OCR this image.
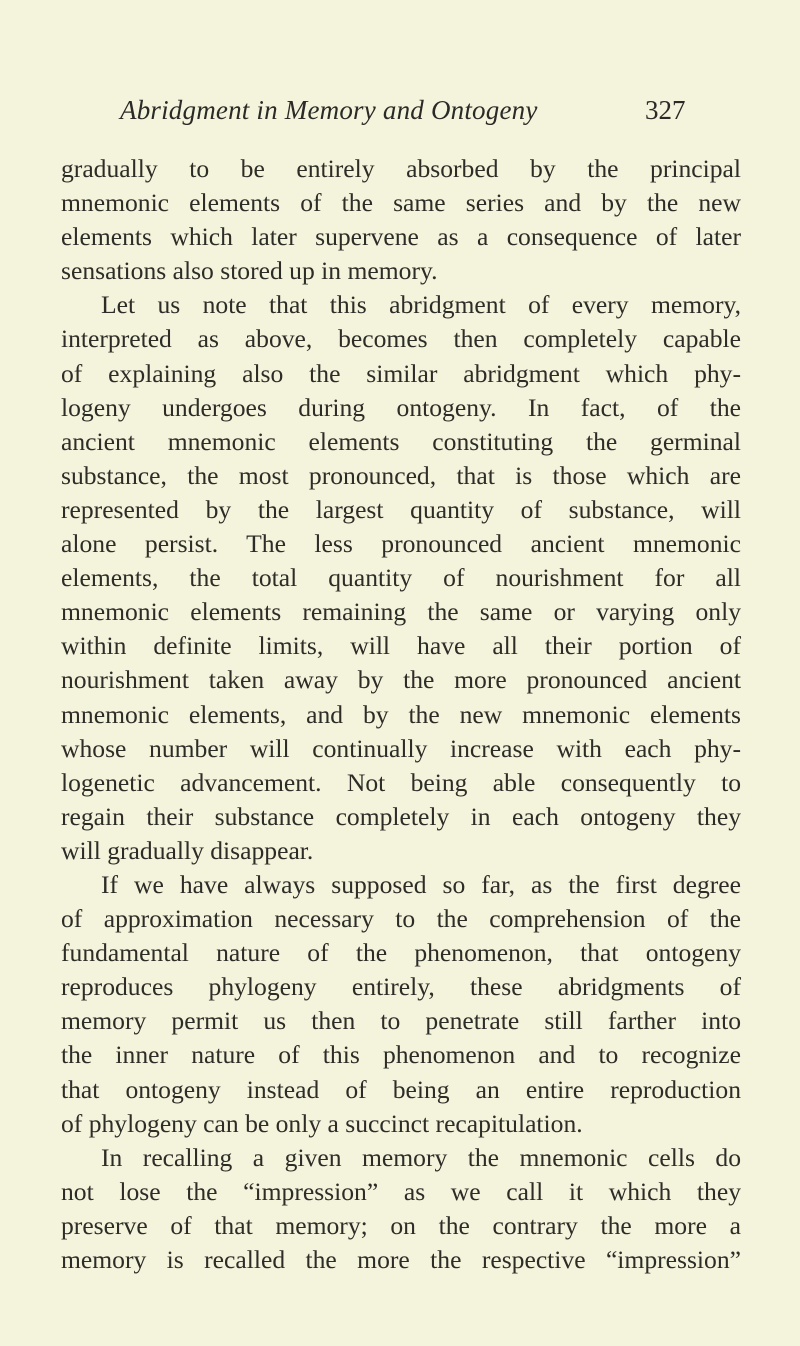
Abridgment in Memory and Ontogeny	327
gradually to be entirely absorbed by the principal
mnemonic elements of the same series and by the new
elements which later supervene as a consequence of later
sensations also stored up in memory.
Let us note that this abridgment of every memory,
interpreted as above, becomes then completely capable
of explaining also the similar abridgment which phy-
logeny undergoes during ontogeny. In fact, of the
ancient mnemonic elements constituting the germinal
substance, the most pronounced, that is those which are
represented by the largest quantity of substance, will
alone persist. The less pronounced ancient mnemonic
elements, the total quantity of nourishment for all
mnemonic elements remaining the same or varying only
within definite limits, will have all their portion of
nourishment taken away by the more pronounced ancient
mnemonic elements, and by the new mnemonic elements
whose number will continually increase with each phy-
logenetic advancement. Not being able consequently to
regain their substance completely in each ontogeny they
will gradually disappear.
If we have always supposed so far, as the first degree
of approximation necessary to the comprehension of the
fundamental nature of the phenomenon, that ontogeny
reproduces phylogeny entirely, these abridgments of
memory permit us then to penetrate still farther into
the inner nature of this phenomenon and to recognize
that ontogeny instead of being an entire reproduction
of phylogeny can be only a succinct recapitulation.
In recalling a given memory the mnemonic cells do
not lose the “impression” as we call it which they
preserve of that memory; on the contrary the more a
memory is recalled the more the respective “impression”
